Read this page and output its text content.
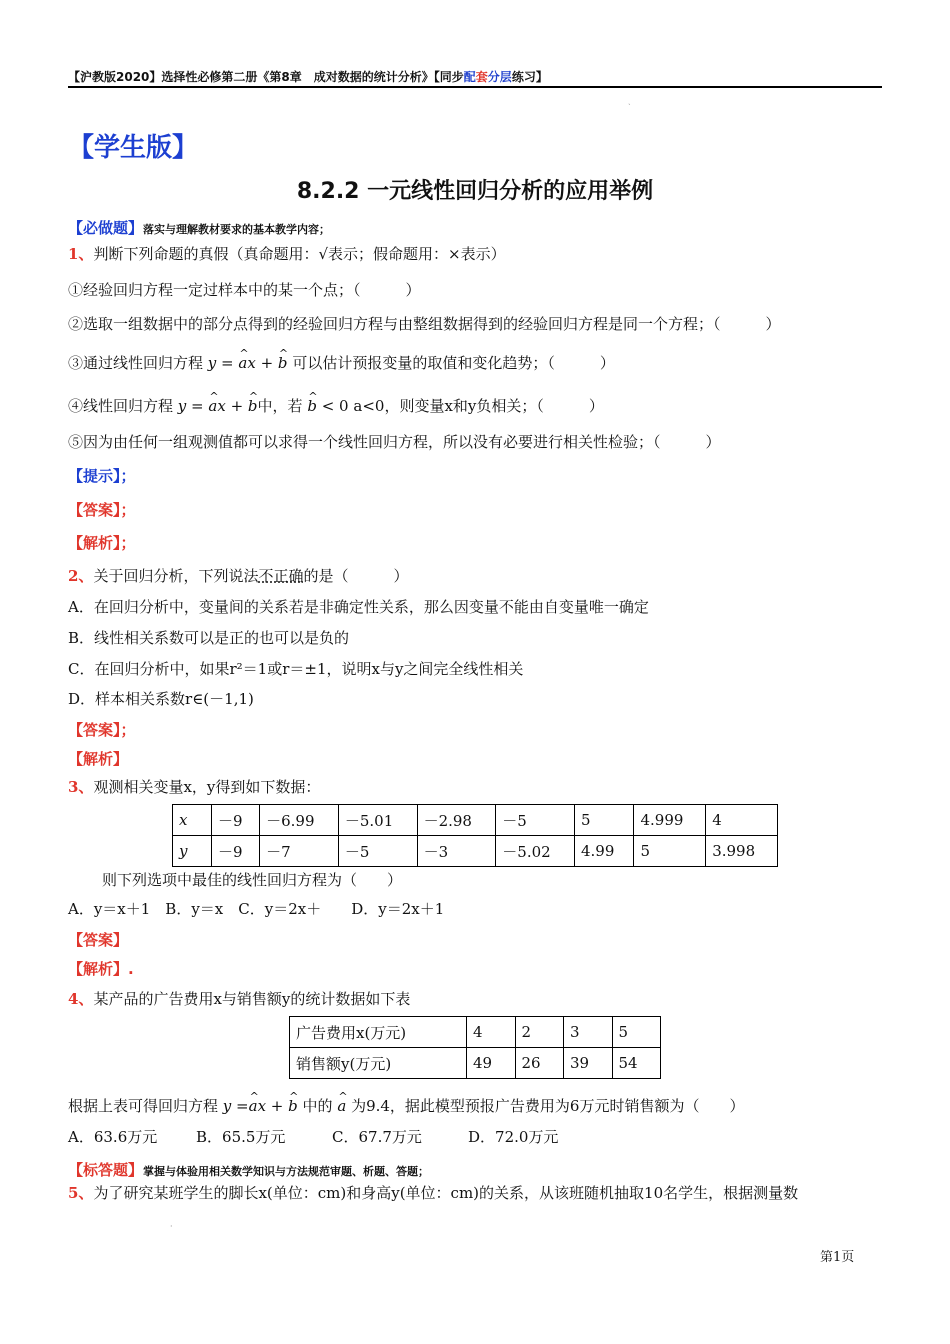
【沪教版2020】选择性必修第二册《第8章　成对数据的统计分析》【同步配套分层练习】
ˎ
【学生版】
8.2.2 一元线性回归分析的应用举例
【必做题】落实与理解教材要求的基本教学内容；
1、判断下列命题的真假（真命题用：√表示；假命题用：×表示）
①经验回归方程一定过样本中的某一个点；（　　　）
②选取一组数据中的部分点得到的经验回归方程与由整组数据得到的经验回归方程是同一个方程；（　　　）
③通过线性回归方程 y = ^ ax + ^ b 可以估计预报变量的取值和变化趋势；（　　　）
④线性回归方程 y = ^ ax + ^ b中，若 ^ b < 0 a<0，则变量x和y负相关；（　　　）
⑤因为由任何一组观测值都可以求得一个线性回归方程，所以没有必要进行相关性检验；（　　　）
【提示】；
【答案】；
【解析】；
2、关于回归分析，下列说法不正确的是（　　　）
A．在回归分析中，变量间的关系若是非确定性关系，那么因变量不能由自变量唯一确定
B．线性相关系数可以是正的也可以是负的
C．在回归分析中，如果r²＝1或r＝±1，说明x与y之间完全线性相关
D．样本相关系数r∈(－1,1)
【答案】；
【解析】
3、观测相关变量x，y得到如下数据：
x	－9	－6.99	－5.01	－2.98	－5	5	4.999	4
y	－9	－7	－5	－3	－5.02	4.99	5	3.998
则下列选项中最佳的线性回归方程为（　　）
A．y＝x＋1　B．y＝x　C．y＝2x＋　　D．y＝2x＋1
【答案】
【解析】.
4、某产品的广告费用x与销售额y的统计数据如下表
广告费用x(万元)	4	2	3	5
销售额y(万元)	49	26	39	54
根据上表可得回归方程 y =^ ax + ^ b 中的 ^ a 为9.4，据此模型预报广告费用为6万元时销售额为（　　）
A．63.6万元	B．65.5万元	C．67.7万元	D．72.0万元
【标答题】掌握与体验用相关数学知识与方法规范审题、析题、答题；
5、为了研究某班学生的脚长x(单位：cm)和身高y(单位：cm)的关系，从该班随机抽取10名学生，根据测量数
·
第1页
